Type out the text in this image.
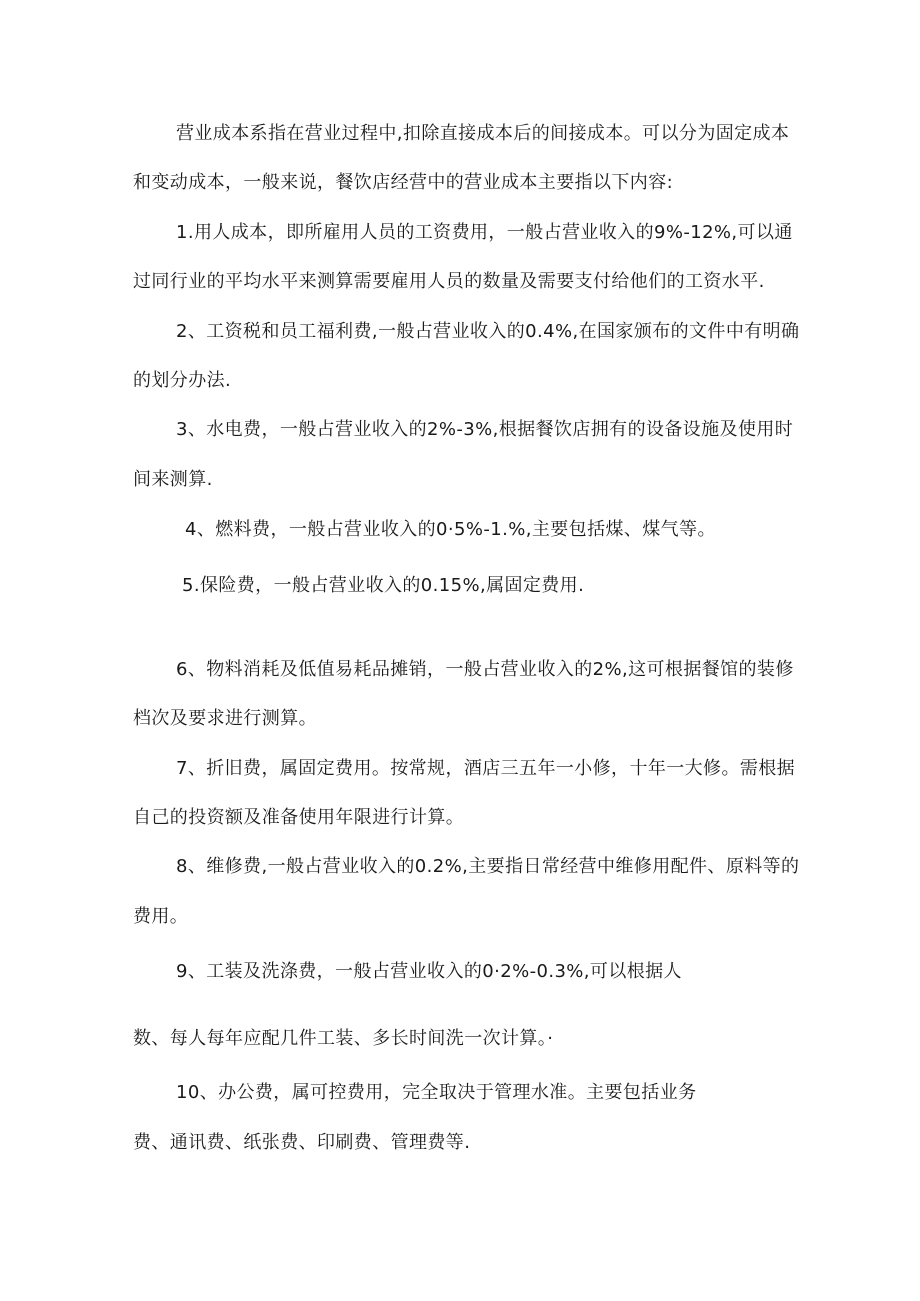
营业成本系指在营业过程中,扣除直接成本后的间接成本。可以分为固定成本
和变动成本，一般来说，餐饮店经营中的营业成本主要指以下内容:
1.用人成本，即所雇用人员的工资费用，一般占营业收入的9%-12%,可以通
过同行业的平均水平来测算需要雇用人员的数量及需要支付给他们的工资水平.
2、工资税和员工福利费,一般占营业收入的0.4%,在国家颁布的文件中有明确
的划分办法.
3、水电费，一般占营业收入的2%-3%,根据餐饮店拥有的设备设施及使用时
间来测算.
4、燃料费，一般占营业收入的0·5%-1.%,主要包括煤、煤气等。
5.保险费，一般占营业收入的0.15%,属固定费用.
6、物料消耗及低值易耗品摊销，一般占营业收入的2%,这可根据餐馆的装修
档次及要求进行测算。
7、折旧费，属固定费用。按常规，酒店三五年一小修，十年一大修。需根据
自己的投资额及准备使用年限进行计算。
8、维修费,一般占营业收入的0.2%,主要指日常经营中维修用配件、原料等的
费用。
9、工装及洗涤费，一般占营业收入的0·2%-0.3%,可以根据人
数、每人每年应配几件工装、多长时间洗一次计算。·
10、办公费，属可控费用，完全取决于管理水准。主要包括业务
费、通讯费、纸张费、印刷费、管理费等.
